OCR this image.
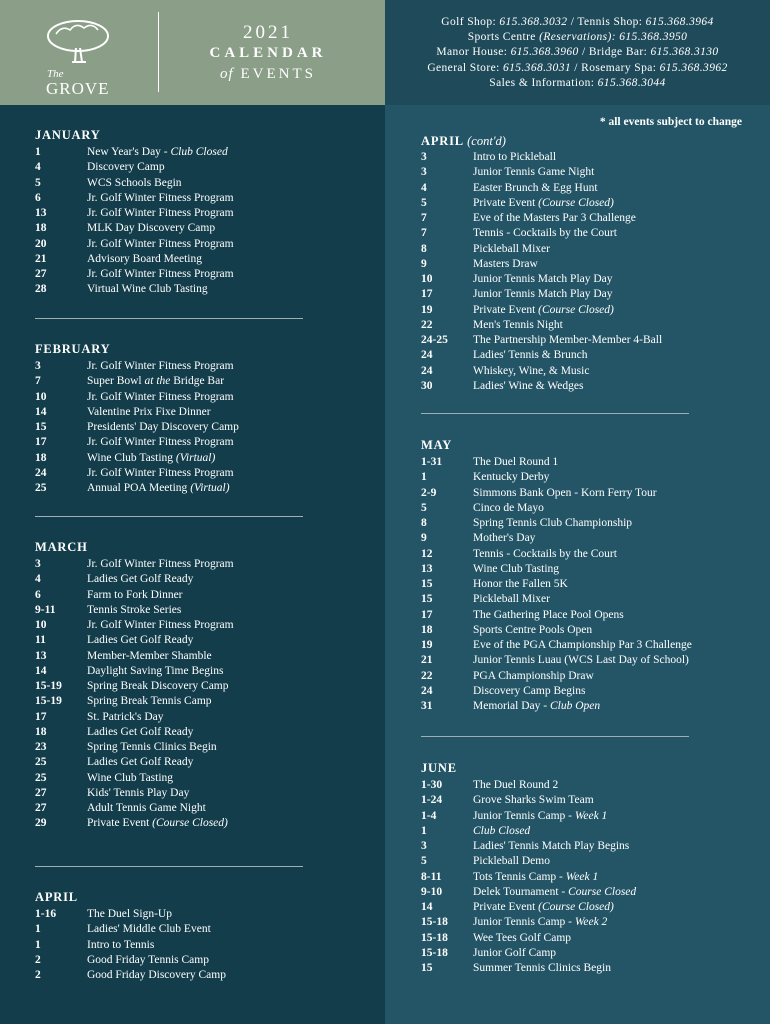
The
GROVE
2021
CALENDAR
of EVENTS
Golf Shop: 615.368.3032 / Tennis Shop: 615.368.3964
Sports Centre (Reservations): 615.368.3950
Manor House: 615.368.3960 / Bridge Bar: 615.368.3130
General Store: 615.368.3031 / Rosemary Spa: 615.368.3962
Sales & Information: 615.368.3044
* all events subject to change
JANUARY
1	New Year's Day - Club Closed
4	Discovery Camp
5	WCS Schools Begin
6	Jr. Golf Winter Fitness Program
13	Jr. Golf Winter Fitness Program
18	MLK Day Discovery Camp
20	Jr. Golf Winter Fitness Program
21	Advisory Board Meeting
27	Jr. Golf Winter Fitness Program
28	Virtual Wine Club Tasting
FEBRUARY
3	Jr. Golf Winter Fitness Program
7	Super Bowl at the Bridge Bar
10	Jr. Golf Winter Fitness Program
14	Valentine Prix Fixe Dinner
15	Presidents' Day Discovery Camp
17	Jr. Golf Winter Fitness Program
18	Wine Club Tasting (Virtual)
24	Jr. Golf Winter Fitness Program
25	Annual POA Meeting (Virtual)
MARCH
3	Jr. Golf Winter Fitness Program
4	Ladies Get Golf Ready
6	Farm to Fork Dinner
9-11	Tennis Stroke Series
10	Jr. Golf Winter Fitness Program
11	Ladies Get Golf Ready
13	Member-Member Shamble
14	Daylight Saving Time Begins
15-19 Spring Break Discovery Camp
15-19 Spring Break Tennis Camp
17	St. Patrick's Day
18	Ladies Get Golf Ready
23	Spring Tennis Clinics Begin
25	Ladies Get Golf Ready
25	Wine Club Tasting
27	Kids' Tennis Play Day
27	Adult Tennis Game Night
29	Private Event (Course Closed)
APRIL
1-16	The Duel Sign-Up
1	Ladies' Middle Club Event
1	Intro to Tennis
2	Good Friday Tennis Camp
2	Good Friday Discovery Camp
APRIL (cont'd)
3	Intro to Pickleball
3	Junior Tennis Game Night
4	Easter Brunch & Egg Hunt
5	Private Event (Course Closed)
7	Eve of the Masters Par 3 Challenge
7	Tennis - Cocktails by the Court
8	Pickleball Mixer
9	Masters Draw
10	Junior Tennis Match Play Day
17	Junior Tennis Match Play Day
19	Private Event (Course Closed)
22	Men's Tennis Night
24-25 The Partnership Member-Member 4-Ball
24	Ladies' Tennis & Brunch
24	Whiskey, Wine, & Music
30	Ladies' Wine & Wedges
MAY
1-31	The Duel Round 1
1	Kentucky Derby
2-9	Simmons Bank Open - Korn Ferry Tour
5	Cinco de Mayo
8	Spring Tennis Club Championship
9	Mother's Day
12	Tennis - Cocktails by the Court
13	Wine Club Tasting
15	Honor the Fallen 5K
15	Pickleball Mixer
17	The Gathering Place Pool Opens
18	Sports Centre Pools Open
19	Eve of the PGA Championship Par 3 Challenge
21	Junior Tennis Luau (WCS Last Day of School)
22	PGA Championship Draw
24	Discovery Camp Begins
31	Memorial Day - Club Open
JUNE
1-30	The Duel Round 2
1-24	Grove Sharks Swim Team
1-4	Junior Tennis Camp - Week 1
1	Club Closed
3	Ladies' Tennis Match Play Begins
5	Pickleball Demo
8-11	Tots Tennis Camp - Week 1
9-10	Delek Tournament - Course Closed
14	Private Event (Course Closed)
15-18 Junior Tennis Camp - Week 2
15-18 Wee Tees Golf Camp
15-18 Junior Golf Camp
15	Summer Tennis Clinics Begin
